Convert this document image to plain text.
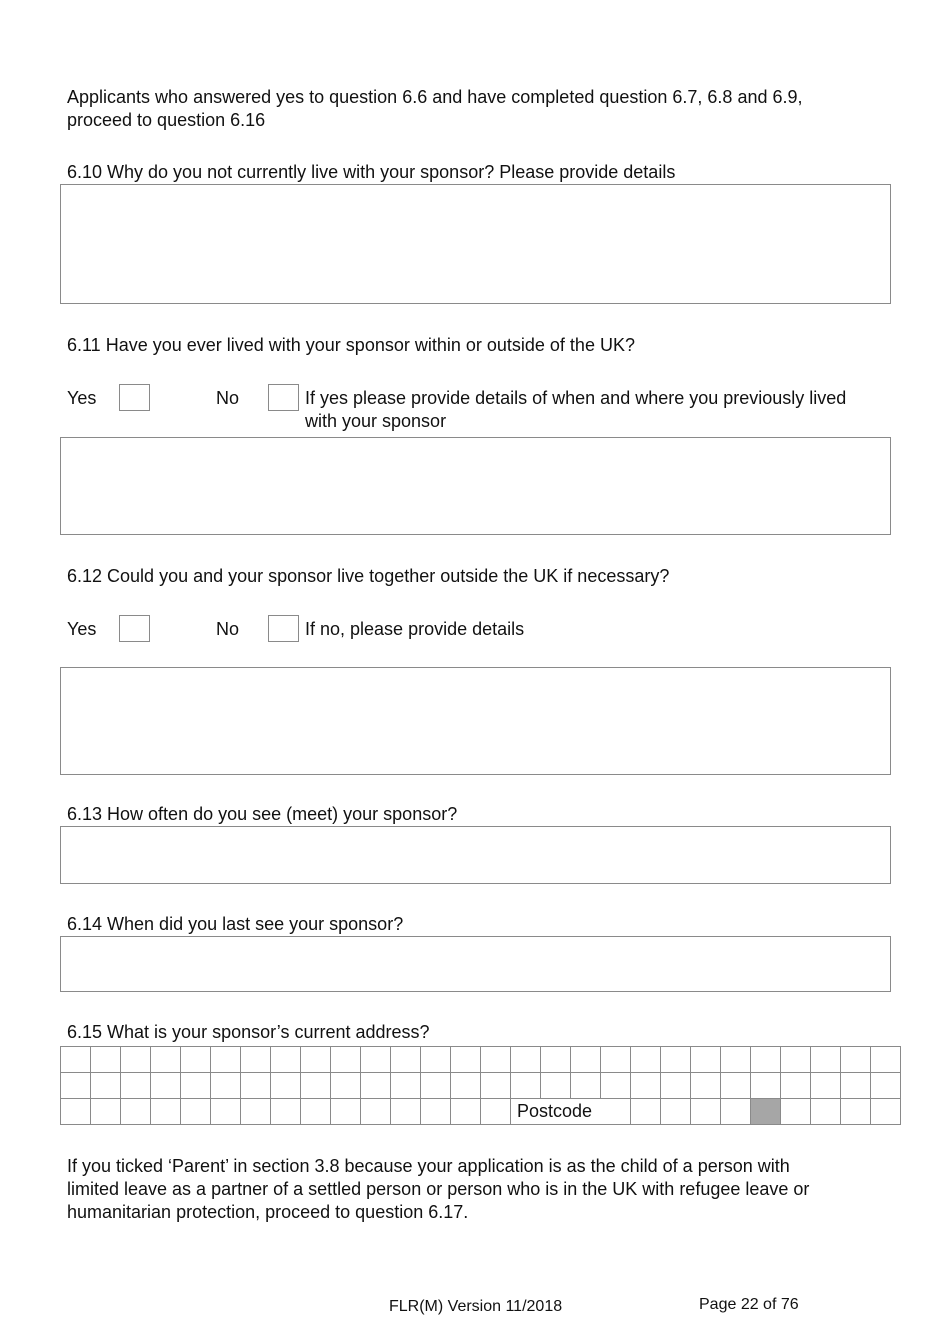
Applicants who answered yes to question 6.6 and have completed question 6.7, 6.8 and 6.9,
proceed to question 6.16

6.10 Why do you not currently live with your sponsor? Please provide details

6.11 Have you ever lived with your sponsor within or outside of the UK?

Yes	No	If yes please provide details of when and where you previously lived
with your sponsor

6.12 Could you and your sponsor live together outside the UK if necessary?

Yes	No	If no, please provide details

6.13 How often do you see (meet) your sponsor?

6.14 When did you last see your sponsor?

6.15 What is your sponsor’s current address?

															Postcode												

If you ticked ‘Parent’ in section 3.8 because your application is as the child of a person with
limited leave as a partner of a settled person or person who is in the UK with refugee leave or
humanitarian protection, proceed to question 6.17.

FLR(M) Version 11/2018	Page 22 of 76
